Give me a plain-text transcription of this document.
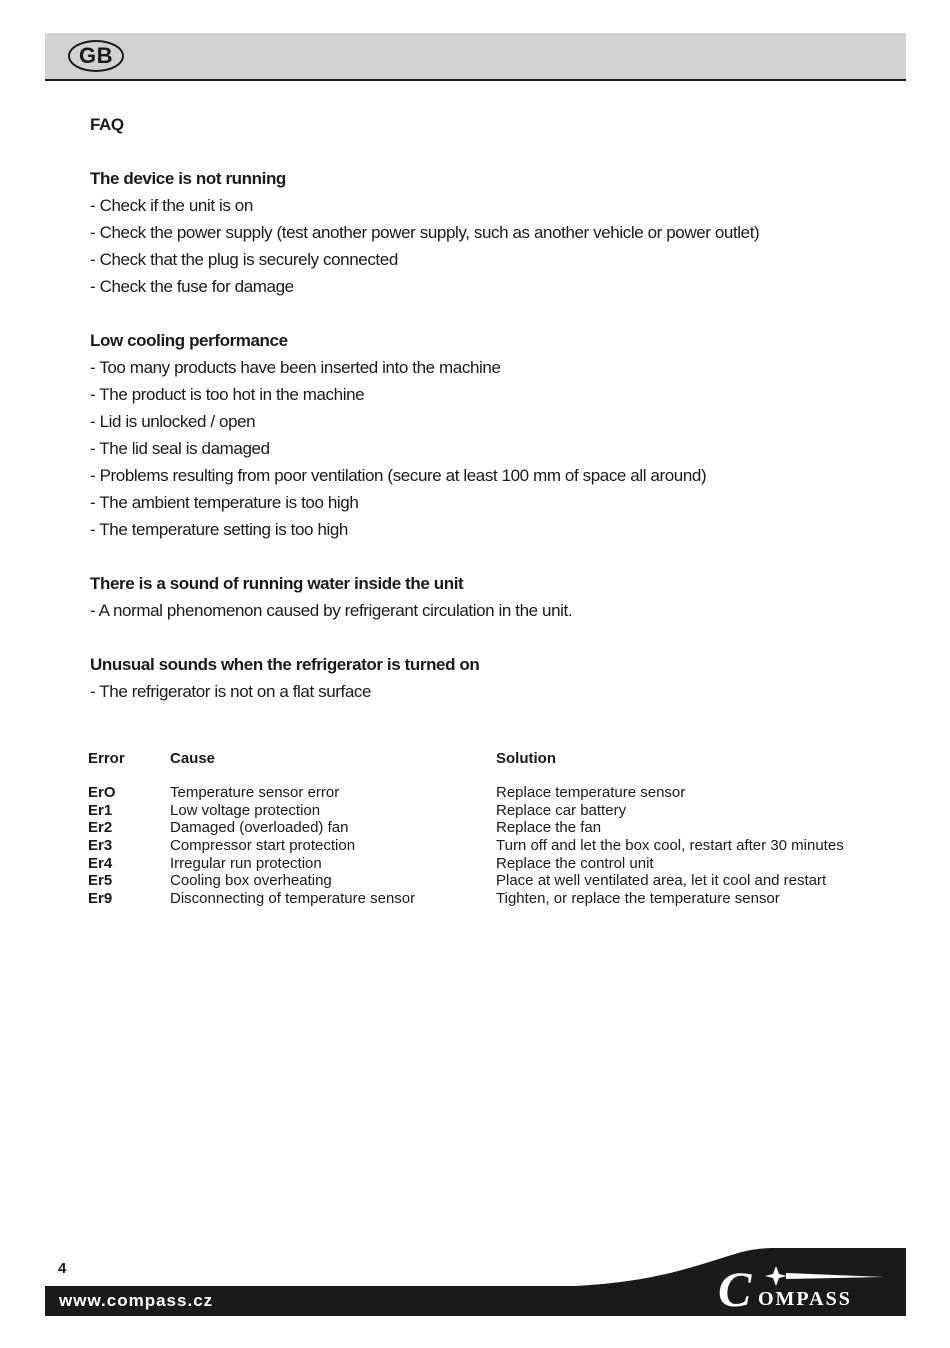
GB
FAQ
The device is not running
- Check if the unit is on
- Check the power supply (test another power supply, such as another vehicle or power outlet)
- Check that the plug is securely connected
- Check the fuse for damage
Low cooling performance
- Too many products have been inserted into the machine
- The product is too hot in the machine
- Lid is unlocked / open
- The lid seal is damaged
- Problems resulting from poor ventilation (secure at least 100 mm of space all around)
- The ambient temperature is too high
- The temperature setting is too high
There is a sound of running water inside the unit
- A normal phenomenon caused by refrigerant circulation in the unit.
Unusual sounds when the refrigerator is turned on
- The refrigerator is not on a flat surface
Error	Cause	Solution
ErO	Temperature sensor error	Replace temperature sensor
Er1	Low voltage protection	Replace car battery
Er2	Damaged (overloaded) fan	Replace the fan
Er3	Compressor start protection	Turn off and let the box cool, restart after 30 minutes
Er4	Irregular run protection	Replace the control unit
Er5	Cooling box overheating	Place at well ventilated area, let it cool and restart
Er9	Disconnecting of temperature sensor	Tighten, or replace the temperature sensor
4
www.compass.cz	C OMPASS
